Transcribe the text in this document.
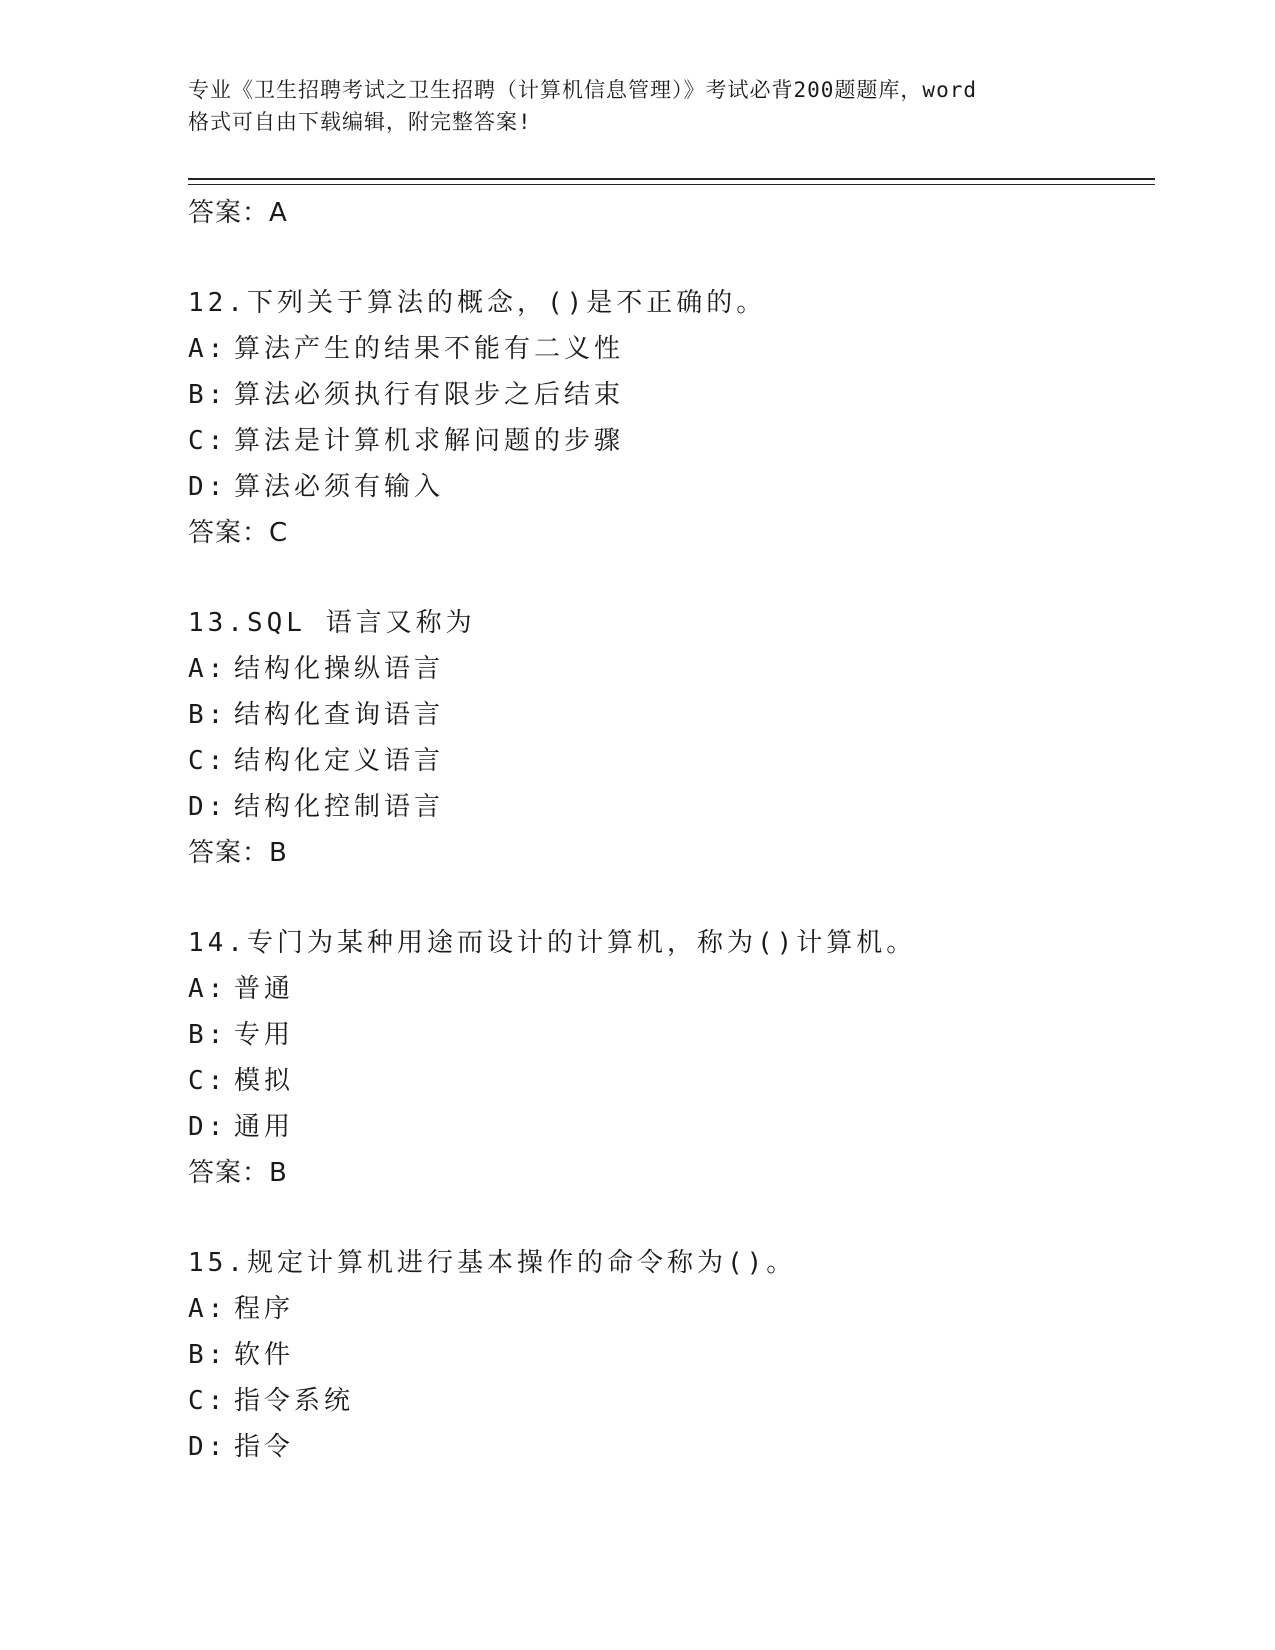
专业《卫生招聘考试之卫生招聘（计算机信息管理）》考试必背200题题库，word
格式可自由下载编辑，附完整答案!
答案：A
12.下列关于算法的概念，()是不正确的。
A: 算法产生的结果不能有二义性
B: 算法必须执行有限步之后结束
C: 算法是计算机求解问题的步骤
D: 算法必须有输入
答案：C
13.SQL 语言又称为
A: 结构化操纵语言
B: 结构化查询语言
C: 结构化定义语言
D: 结构化控制语言
答案：B
14.专门为某种用途而设计的计算机，称为()计算机。
A: 普通
B: 专用
C: 模拟
D: 通用
答案：B
15.规定计算机进行基本操作的命令称为()。
A: 程序
B: 软件
C: 指令系统
D: 指令
